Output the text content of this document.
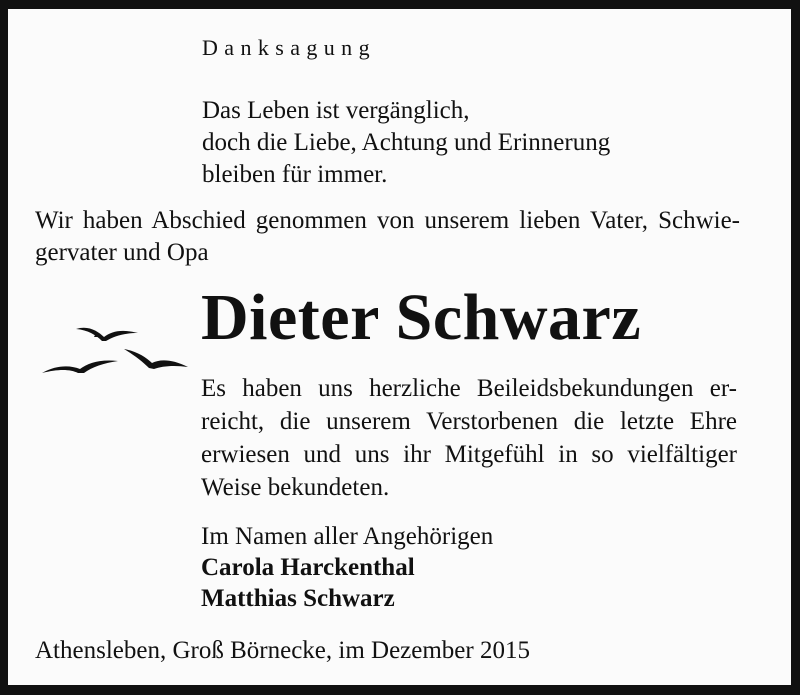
Danksagung
Das Leben ist vergänglich,
doch die Liebe, Achtung und Erinnerung
bleiben für immer.
Wir haben Abschied genommen von unserem lieben Vater, Schwie-
gervater und Opa
Dieter Schwarz
Es haben uns herzliche Beileidsbekundungen er-
reicht, die unserem Verstorbenen die letzte Ehre
erwiesen und uns ihr Mitgefühl in so vielfältiger
Weise bekundeten.
Im Namen aller Angehörigen
Carola Harckenthal
Matthias Schwarz
Athensleben, Groß Börnecke, im Dezember 2015
